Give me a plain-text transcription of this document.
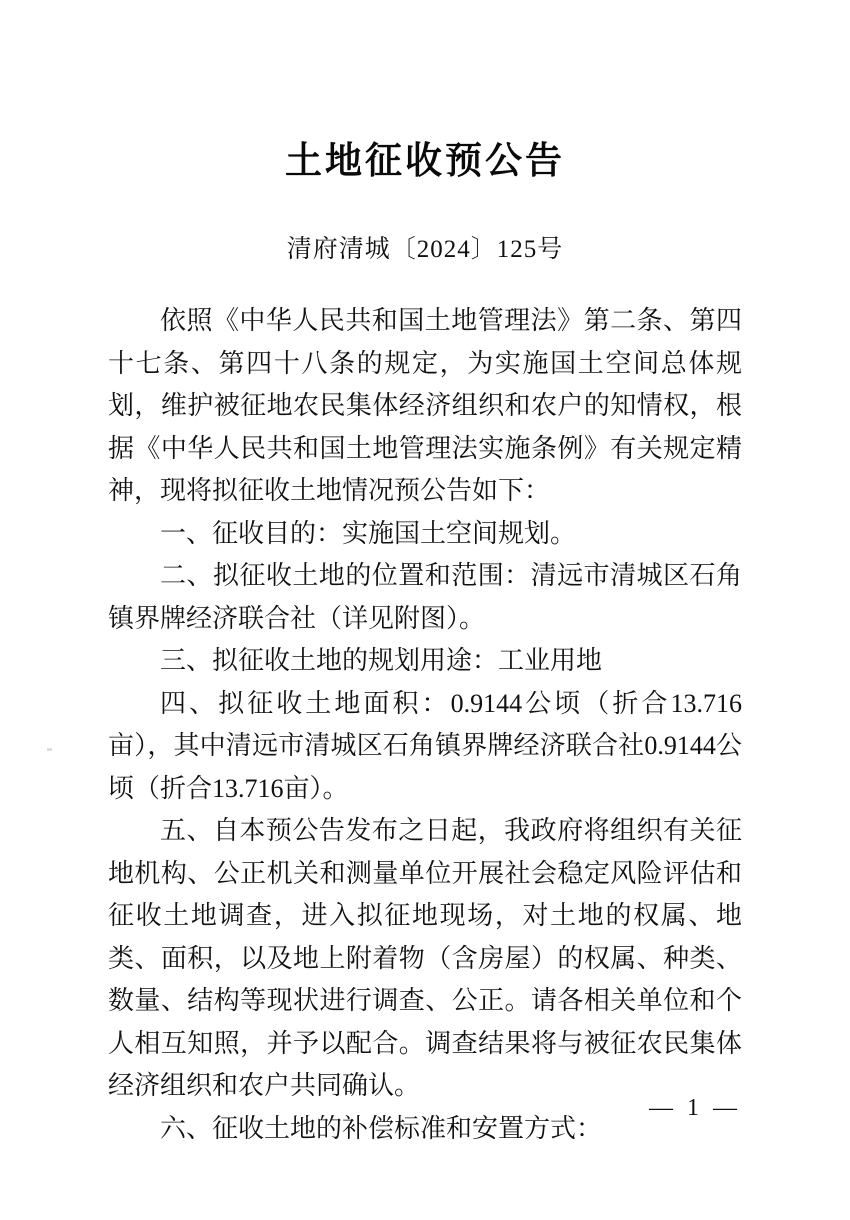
土地征收预公告
清府清城〔2024〕125号

依照《中华人民共和国土地管理法》第二条、第四十七条、第四十八条的规定，为实施国土空间总体规划，维护被征地农民集体经济组织和农户的知情权，根据《中华人民共和国土地管理法实施条例》有关规定精神，现将拟征收土地情况预公告如下：

一、征收目的：实施国土空间规划。

二、拟征收土地的位置和范围：清远市清城区石角镇界牌经济联合社（详见附图）。

三、拟征收土地的规划用途：工业用地

四、拟征收土地面积：0.9144公顷（折合13.716亩），其中清远市清城区石角镇界牌经济联合社0.9144公顷（折合13.716亩）。

五、自本预公告发布之日起，我政府将组织有关征地机构、公正机关和测量单位开展社会稳定风险评估和征收土地调查，进入拟征地现场，对土地的权属、地类、面积，以及地上附着物（含房屋）的权属、种类、数量、结构等现状进行调查、公正。请各相关单位和个人相互知照，并予以配合。调查结果将与被征农民集体经济组织和农户共同确认。

六、征收土地的补偿标准和安置方式：

— 1 —
